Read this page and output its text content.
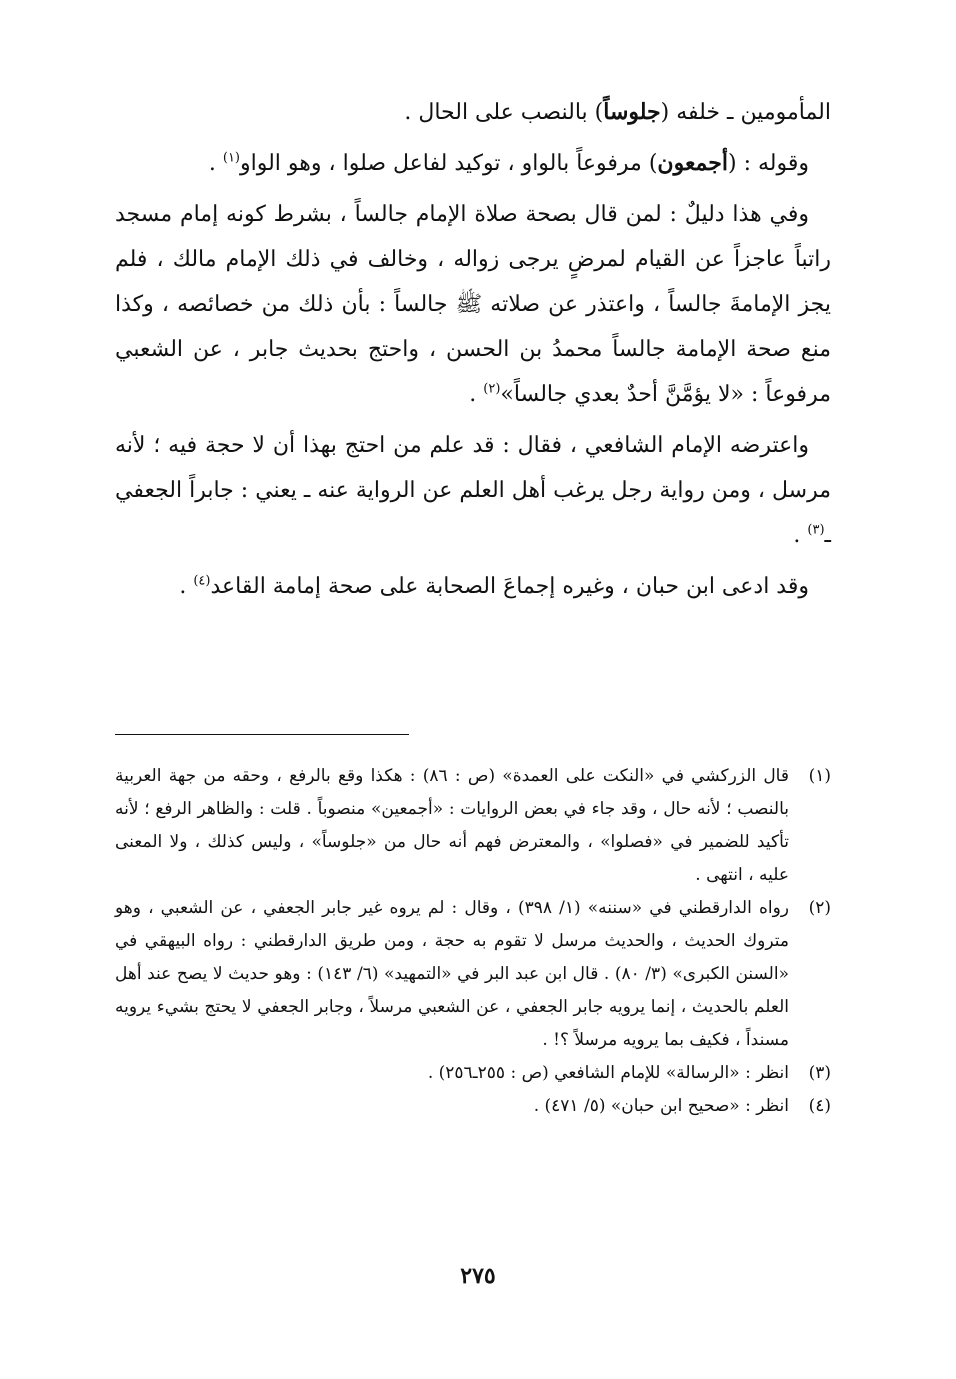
المأمومين ـ خلفه (جلوساً) بالنصب على الحال .

وقوله : (أجمعون) مرفوعاً بالواو ، توكيد لفاعل صلوا ، وهو الواو$^{(١)}$ .

وفي هذا دليلٌ : لمن قال بصحة صلاة الإمام جالساً ، بشرط كونه إمام مسجد راتباً عاجزاً عن القيام لمرضٍ يرجى زواله ، وخالف في ذلك الإمام مالك ، فلم يجز الإمامةَ جالساً ، واعتذر عن صلاته ﷺ جالساً : بأن ذلك من خصائصه ، وكذا منع صحة الإمامة جالساً محمدُ بن الحسن ، واحتج بحديث جابر ، عن الشعبي مرفوعاً : «لا يؤمَّنَّ أحدٌ بعدي جالساً»$^{(٢)}$ .

واعترضه الإمام الشافعي ، فقال : قد علم من احتج بهذا أن لا حجة فيه ؛ لأنه مرسل ، ومن رواية رجل يرغب أهل العلم عن الرواية عنه ـ يعني : جابراً الجعفي ـ$^{(٣)}$ .

وقد ادعى ابن حبان ، وغيره إجماعَ الصحابة على صحة إمامة القاعد$^{(٤)}$ .

(١)
قال الزركشي في «النكت على العمدة» (ص : ٨٦) : هكذا وقع بالرفع ، وحقه من جهة العربية بالنصب ؛ لأنه حال ، وقد جاء في بعض الروايات : «أجمعين» منصوباً . قلت : والظاهر الرفع ؛ لأنه تأكيد للضمير في «فصلوا» ، والمعترض فهم أنه حال من «جلوساً» ، وليس كذلك ، ولا المعنى عليه ، انتهى .
(٢)
رواه الدارقطني في «سننه» (١/ ٣٩٨) ، وقال : لم يروه غير جابر الجعفي ، عن الشعبي ، وهو متروك الحديث ، والحديث مرسل لا تقوم به حجة ، ومن طريق الدارقطني : رواه البيهقي في «السنن الكبرى» (٣/ ٨٠) . قال ابن عبد البر في «التمهيد» (٦/ ١٤٣) : وهو حديث لا يصح عند أهل العلم بالحديث ، إنما يرويه جابر الجعفي ، عن الشعبي مرسلاً ، وجابر الجعفي لا يحتج بشيء يرويه مسنداً ، فكيف بما يرويه مرسلاً ؟! .
(٣)
انظر : «الرسالة» للإمام الشافعي (ص : ٢٥٥ـ٢٥٦) .
(٤)
انظر : «صحيح ابن حبان» (٥/ ٤٧١) .
٢٧٥
